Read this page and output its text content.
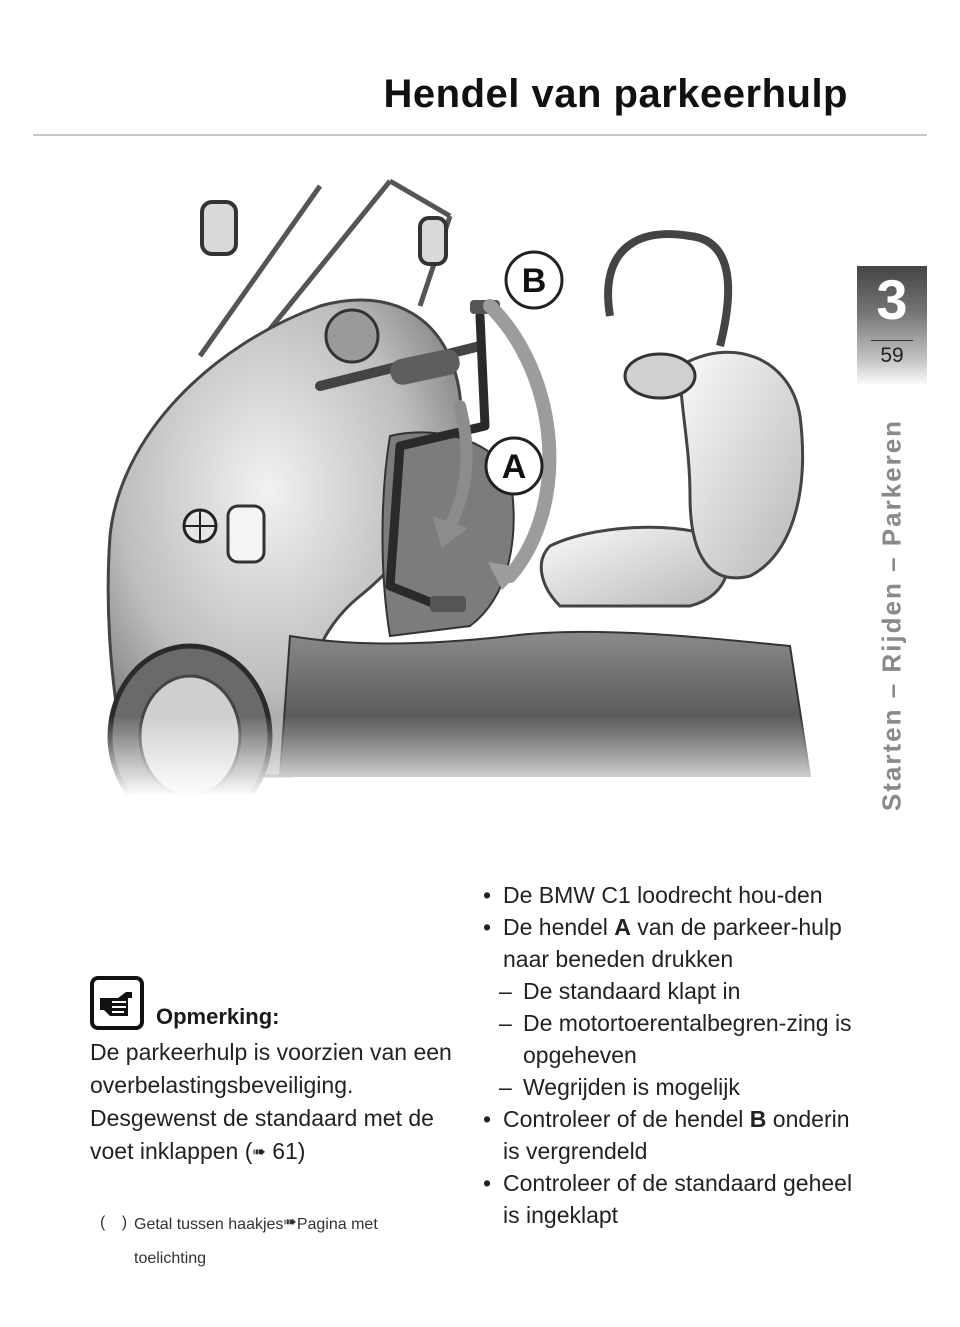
Hendel van parkeerhulp
3
59
Starten – Rijden – Parkeren
B
A
Opmerking:

De parkeerhulp is voorzien van een overbelastingsbeveiliging. Desgewenst de standaard met de voet inklappen (➠ 61)

( ) Getal tussen haakjes➠Pagina met
toelichting

• De BMW C1 loodrecht hou-den

• De hendel A van de parkeer-hulp naar beneden drukken

– De standaard klapt in

– De motortoerentalbegren-zing is opgeheven

– Wegrijden is mogelijk

• Controleer of de hendel B onderin is vergrendeld

• Controleer of de standaard geheel is ingeklapt
